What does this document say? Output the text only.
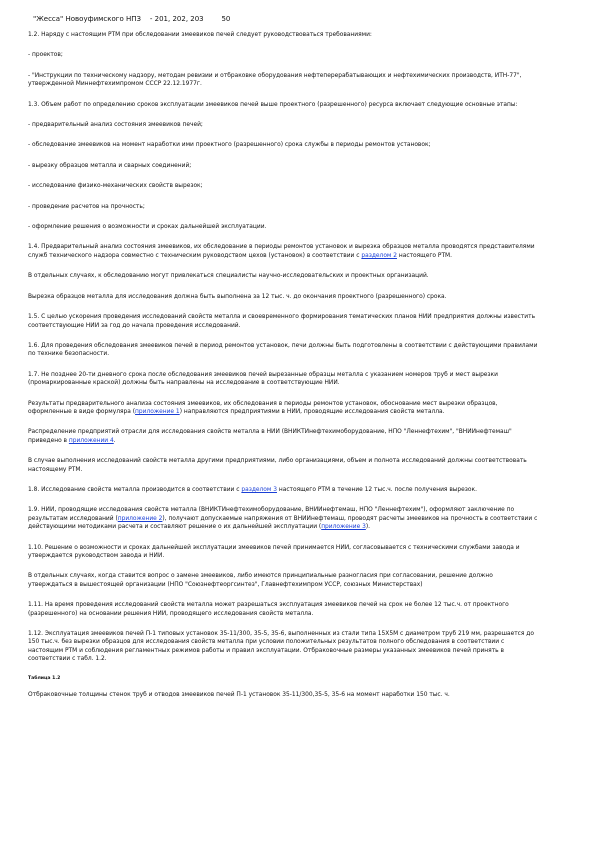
"Жесса" Новоуфимского НПЗ - 201, 202, 203	50
1.2. Наряду с настоящим РТМ при обследовании змеевиков печей следует руководствоваться требованиями:
- проектов;
- "Инструкции по техническому надзору, методам ревизии и отбраковке оборудования нефтеперерабатывающих и нефтехимических производств, ИТН-77", утвержденной Миннефтехимпромом СССР 22.12.1977г.
1.3. Объем работ по определению сроков эксплуатации змеевиков печей выше проектного (разрешенного) ресурса включает следующие основные этапы:
- предварительный анализ состояния змеевиков печей;
- обследование змеевиков на момент наработки ими проектного (разрешенного) срока службы в периоды ремонтов установок;
- вырезку образцов металла и сварных соединений;
- исследование физико-механических свойств вырезок;
- проведение расчетов на прочность;
- оформление решения о возможности и сроках дальнейшей эксплуатации.
1.4. Предварительный анализ состояния змеевиков, их обследование в периоды ремонтов установок и вырезка образцов металла проводятся представителями служб технического надзора совместно с техническим руководством цехов (установок) в соответствии с разделом 2 настоящего РТМ.
В отдельных случаях, к обследованию могут привлекаться специалисты научно-исследовательских и проектных организаций.
Вырезка образцов металла для исследования должна быть выполнена за 12 тыс. ч. до окончания проектного (разрешенного) срока.
1.5. С целью ускорения проведения исследований свойств металла и своевременного формирования тематических планов НИИ предприятия должны известить соответствующие НИИ за год до начала проведения исследований.
1.6. Для проведения обследования змеевиков печей в период ремонтов установок, печи должны быть подготовлены в соответствии с действующими правилами по технике безопасности.
1.7. Не позднее 20-ти дневного срока после обследования змеевиков печей вырезанные образцы металла с указанием номеров труб и мест вырезки (промаркированные краской) должны быть направлены на исследование в соответствующие НИИ.
Результаты предварительного анализа состояния змеевиков, их обследования в периоды ремонтов установок, обоснование мест вырезки образцов, оформленные в виде формуляра (приложение 1) направляются предприятиями в НИИ, проводящие исследования свойств металла.
Распределение предприятий отрасли для исследования свойств металла в НИИ (ВНИКТИнефтехимоборудование, НПО "Леннефтехим", "ВНИИнефтемаш" приведено в приложении 4.
В случае выполнения исследований свойств металла другими предприятиями, либо организациями, объем и полнота исследований должны соответствовать настоящему РТМ.
1.8. Исследование свойств металла производится в соответствии с разделом 3 настоящего РТМ в течение 12 тыс.ч. после получения вырезок.
1.9. НИИ, проводящие исследования свойств металла (ВНИКТИнефтехимоборудование, ВНИИнефтемаш, НПО "Леннефтехим"), оформляют заключение по результатам исследований (приложение 2), получают допускаемые напряжения от ВНИИнефтемаш, проводят расчеты змеевиков на прочность в соответствии с действующими методиками расчета и составляют решение о их дальнейшей эксплуатации (приложение 3).
1.10. Решение о возможности и сроках дальнейшей эксплуатации змеевиков печей принимается НИИ, согласовывается с техническими службами завода и утверждается руководством завода и НИИ.
В отдельных случаях, когда ставится вопрос о замене змеевиков, либо имеются принципиальные разногласия при согласовании, решение должно утверждаться в вышестоящей организации (НПО "Союзнефтеоргсинтез", Главнефтехимпром УССР, союзных Министерствах)
1.11. На время проведения исследований свойств металла может разрешаться эксплуатация змеевиков печей на срок не более 12 тыс.ч. от проектного (разрешенного) на основании решения НИИ, проводящего исследования свойств металла.
1.12. Эксплуатация змеевиков печей П-1 типовых установок 35-11/300, 35-5, 35-6, выполненных из стали типа 15Х5М с диаметром труб 219 мм, разрешается до 150 тыс.ч. без вырезки образцов для исследования свойств металла при условии положительных результатов полного обследования в соответствии с настоящим РТМ и соблюдения регламентных режимов работы и правил эксплуатации. Отбраковочные размеры указанных змеевиков печей принять в соответствии с табл. 1.2.
Таблица 1.2
Отбраковочные толщины стенок труб и отводов змеевиков печей П-1 установок 35-11/300,35-5, 35-6 на момент наработки 150 тыс. ч.
